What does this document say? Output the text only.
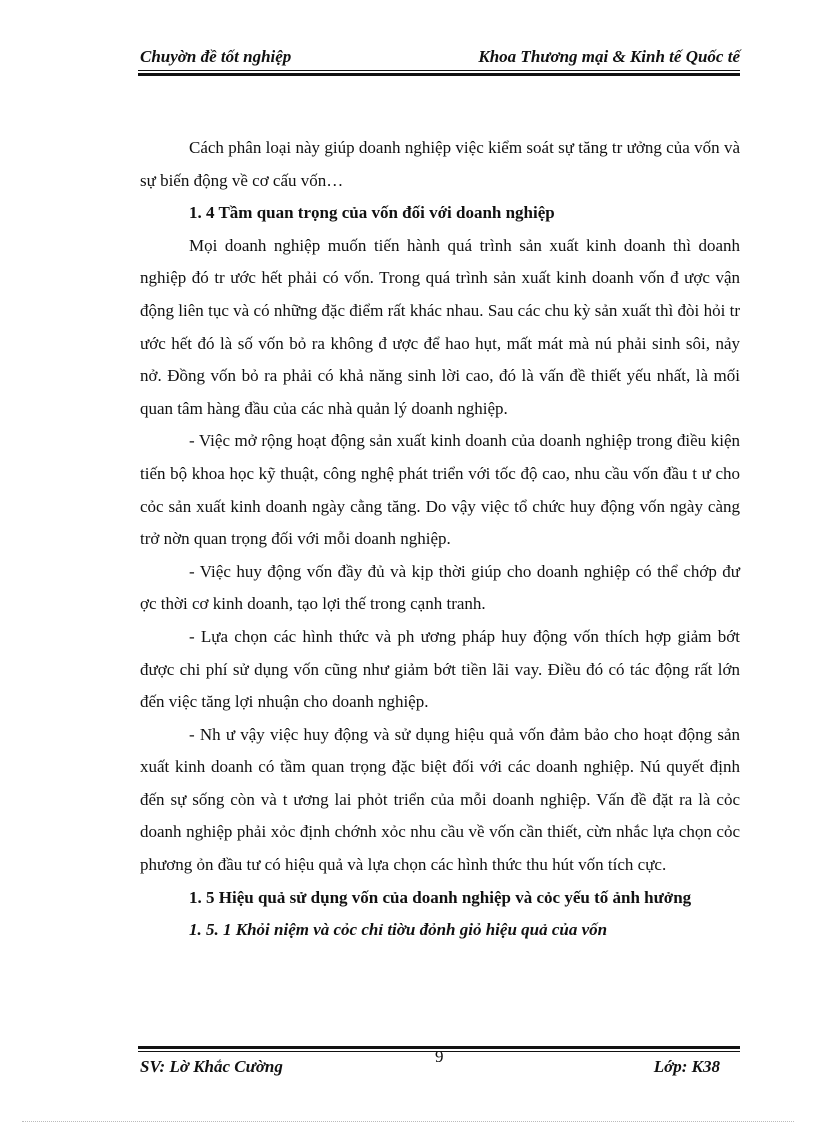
Chuyờn đề tốt nghiệp	Khoa Thương mại & Kinh tế Quốc tế

Cách phân loại này giúp doanh nghiệp việc kiểm soát sự tăng tr ưởng của vốn và sự biến động về cơ cấu vốn…

1. 4 Tầm quan trọng của vốn đối với doanh nghiệp

Mọi doanh nghiệp muốn tiến hành quá trình sản xuất kinh doanh thì doanh nghiệp đó tr ước hết phải có vốn. Trong quá trình sản xuất kinh doanh vốn đ ược vận động liên tục và có những đặc điểm rất khác nhau. Sau các chu kỳ sản xuất thì đòi hỏi tr ước hết đó là số vốn bỏ ra không đ ược để hao hụt, mất mát mà nú phải sinh sôi, nảy nở. Đồng vốn bỏ ra phải có khả năng sinh lời cao, đó là vấn đề thiết yếu nhất, là mối quan tâm hàng đầu của các nhà quản lý doanh nghiệp.

- Việc mở rộng hoạt động sản xuất kinh doanh của doanh nghiệp trong điều kiện tiến bộ khoa học kỹ thuật, công nghệ phát triển với tốc độ cao, nhu cầu vốn đầu t ư cho cỏc sản xuất kinh doanh ngày cằng tăng. Do vậy việc tổ chức huy động vốn ngày càng trở nờn quan trọng đối với mỗi doanh nghiệp.

- Việc huy động vốn đầy đủ và kịp thời giúp cho doanh nghiệp có thể chớp đư ợc thời cơ kinh doanh, tạo lợi thế trong cạnh tranh.

- Lựa chọn các hình thức và ph ương pháp huy động vốn thích hợp giảm bớt được chi phí sử dụng vốn cũng như giảm bớt tiền lãi vay. Điều đó có tác động rất lớn đến việc tăng lợi nhuận cho doanh nghiệp.

- Nh ư vậy việc huy động và sử dụng hiệu quả vốn đảm bảo cho hoạt động sản xuất kinh doanh có tầm quan trọng đặc biệt đối với các doanh nghiệp. Nú quyết định đến sự sống còn và t ương lai phỏt triển của mỗi doanh nghiệp. Vấn đề đặt ra là cỏc doanh nghiệp phải xỏc định chớnh xỏc nhu cầu về vốn cần thiết, cừn nhắc lựa chọn cỏc phương ỏn đầu tư có hiệu quả và lựa chọn các hình thức thu hút vốn tích cực.

1. 5 Hiệu quả sử dụng vốn của doanh nghiệp và cỏc yếu tố ảnh hưởng

1. 5. 1 Khỏi niệm và cỏc chỉ tiờu đỏnh giỏ hiệu quả của vốn

SV: Lờ Khắc Cường
9
Lớp: K38
